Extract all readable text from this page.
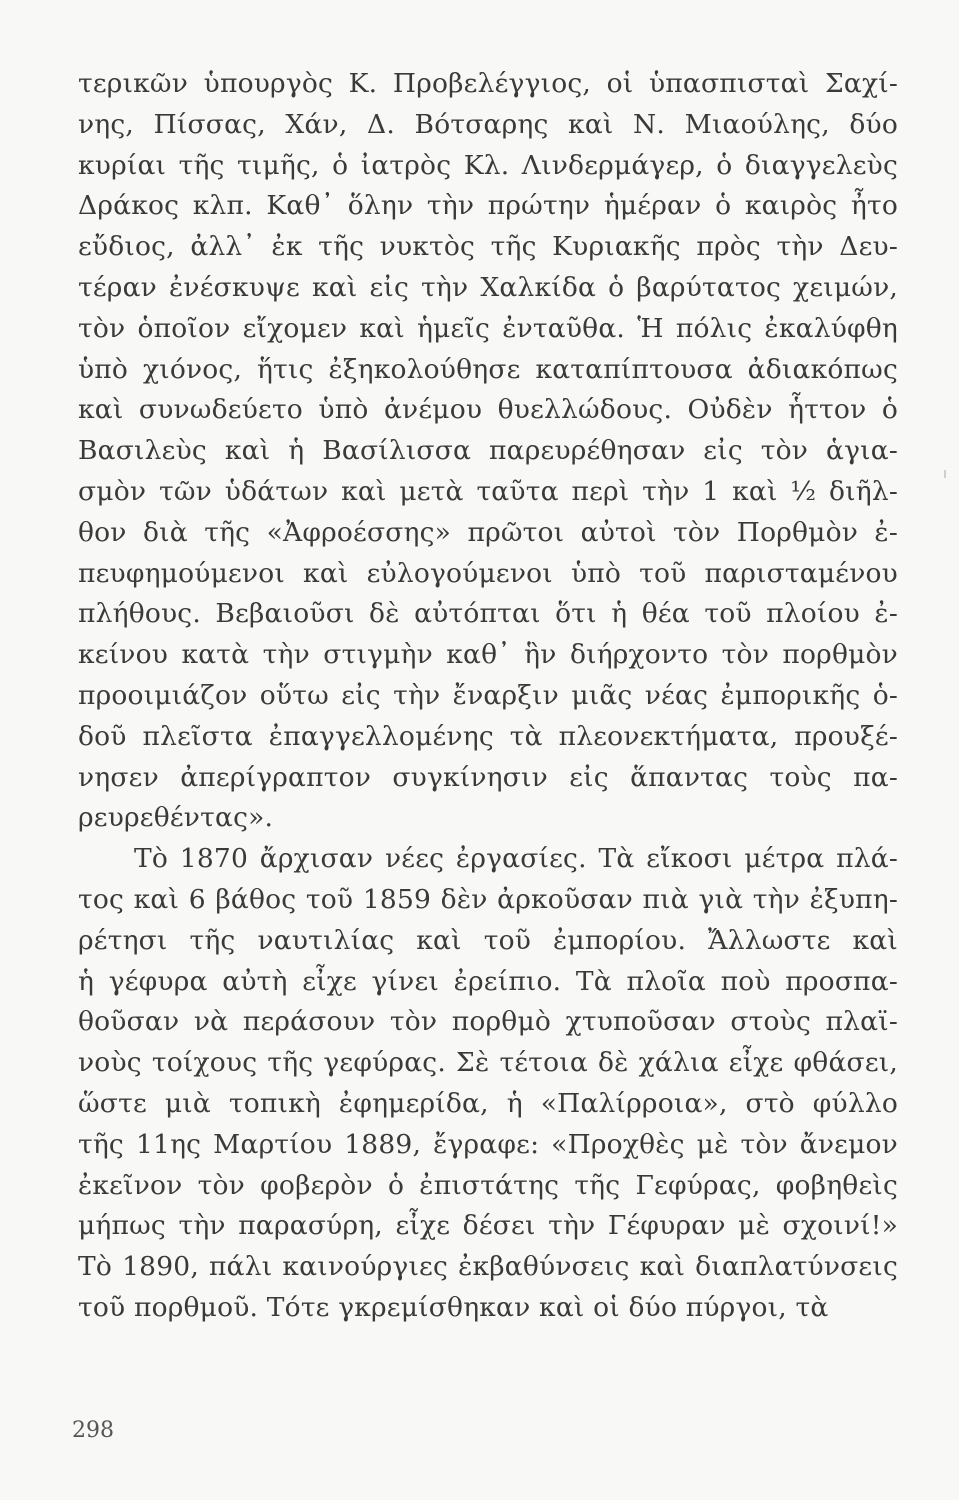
τερικῶν ὑπουργὸς Κ. Προβελέγγιος, οἱ ὑπασπισταὶ Σαχί-
νης, Πίσσας, Χάν, Δ. Βότσαρης καὶ Ν. Μιαούλης, δύο
κυρίαι τῆς τιμῆς, ὁ ἰατρὸς Κλ. Λινδερμάγερ, ὁ διαγγελεὺς
Δράκος κλπ. Καθ᾽ ὅλην τὴν πρώτην ἡμέραν ὁ καιρὸς ἦτο
εὔδιος, ἀλλ᾽ ἐκ τῆς νυκτὸς τῆς Κυριακῆς πρὸς τὴν Δευ-
τέραν ἐνέσκυψε καὶ εἰς τὴν Χαλκίδα ὁ βαρύτατος χειμών,
τὸν ὁποῖον εἴχομεν καὶ ἡμεῖς ἐνταῦθα. Ἡ πόλις ἐκαλύφθη
ὑπὸ χιόνος, ἥτις ἐξηκολούθησε καταπίπτουσα ἀδιακόπως
καὶ συνωδεύετο ὑπὸ ἀνέμου θυελλώδους. Οὐδὲν ἧττον ὁ
Βασιλεὺς καὶ ἡ Βασίλισσα παρευρέθησαν εἰς τὸν ἁγια-
σμὸν τῶν ὑδάτων καὶ μετὰ ταῦτα περὶ τὴν 1 καὶ ½ διῆλ-
θον διὰ τῆς «Ἀφροέσσης» πρῶτοι αὐτοὶ τὸν Πορθμὸν ἐ-
πευφημούμενοι καὶ εὐλογούμενοι ὑπὸ τοῦ παρισταμένου
πλήθους. Βεβαιοῦσι δὲ αὐτόπται ὅτι ἡ θέα τοῦ πλοίου ἐ-
κείνου κατὰ τὴν στιγμὴν καθ᾽ ἣν διήρχοντο τὸν πορθμὸν
προοιμιάζον οὕτω εἰς τὴν ἔναρξιν μιᾶς νέας ἐμπορικῆς ὁ-
δοῦ πλεῖστα ἐπαγγελλομένης τὰ πλεονεκτήματα, προυξέ-
νησεν ἀπερίγραπτον συγκίνησιν εἰς ἅπαντας τοὺς πα-
ρευρεθέντας».
Τὸ 1870 ἄρχισαν νέες ἐργασίες. Τὰ εἴκοσι μέτρα πλά-
τος καὶ 6 βάθος τοῦ 1859 δὲν ἀρκοῦσαν πιὰ γιὰ τὴν ἐξυπη-
ρέτησι τῆς ναυτιλίας καὶ τοῦ ἐμπορίου. Ἄλλωστε καὶ
ἡ γέφυρα αὐτὴ εἶχε γίνει ἐρείπιο. Τὰ πλοῖα ποὺ προσπα-
θοῦσαν νὰ περάσουν τὸν πορθμὸ χτυποῦσαν στοὺς πλαϊ-
νοὺς τοίχους τῆς γεφύρας. Σὲ τέτοια δὲ χάλια εἶχε φθάσει,
ὥστε μιὰ τοπικὴ ἐφημερίδα, ἡ «Παλίρροια», στὸ φύλλο
τῆς 11ης Μαρτίου 1889, ἔγραφε: «Προχθὲς μὲ τὸν ἄνεμον
ἐκεῖνον τὸν φοβερὸν ὁ ἐπιστάτης τῆς Γεφύρας, φοβηθεὶς
μήπως τὴν παρασύρη, εἶχε δέσει τὴν Γέφυραν μὲ σχοινί!»
Τὸ 1890, πάλι καινούργιες ἐκβαθύνσεις καὶ διαπλατύνσεις
τοῦ πορθμοῦ. Τότε γκρεμίσθηκαν καὶ οἱ δύο πύργοι, τὰ
298
